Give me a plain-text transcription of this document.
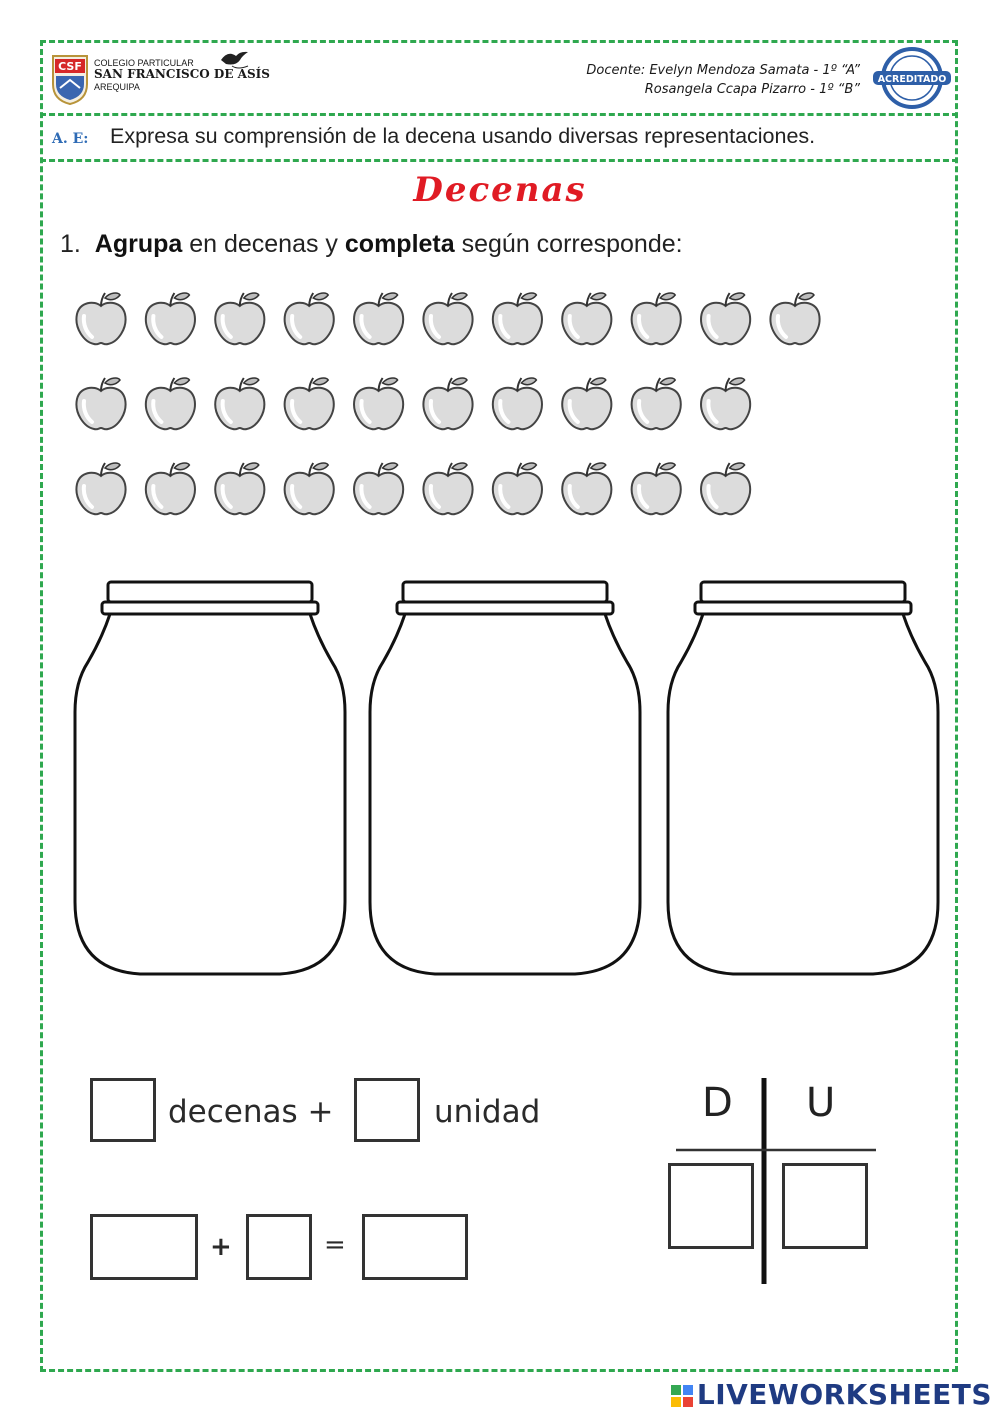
CSF COLEGIO PARTICULAR
SAN FRANCISCO DE ASÍS
AREQUIPA
Docente: Evelyn Mendoza Samata - 1º “A”
Rosangela Ccapa Pizarro - 1º “B”
ACREDITADO
A. E: Expresa su comprensión de la decena usando diversas representaciones.
Decenas
1. Agrupa en decenas y completa según corresponde:
decenas +	unidad
+	=
D U
LIVEWORKSHEETS
